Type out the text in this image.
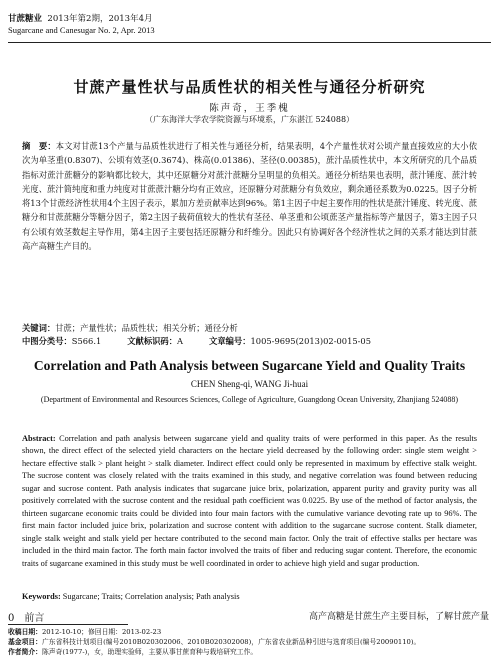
甘蔗糖业 2013年第2期，2013年4月
Sugarcane and Canesugar No. 2, Apr. 2013
甘蔗产量性状与品质性状的相关性与通径分析研究
陈声奇，王季槐
（广东海洋大学农学院资源与环境系，广东湛江 524088）
摘　要：本文对甘蔗13个产量与品质性状进行了相关性与通径分析，结果表明，4个产量性状对公顷产量直接效应的大小依次为单茎重(0.8307)、公顷有效茎(0.3674)、株高(0.01386)、茎径(0.00385)，蔗汁品质性状中，本文所研究的几个品质指标对蔗汁蔗糖分的影响都比较大，其中还原糖分对蔗汁蔗糖分呈明显的负相关。通径分析结果也表明，蔗汁锤度、蔗汁转光度、蔗汁简纯度和重力纯度对甘蔗蔗汁糖分均有正效应，还原糖分对蔗糖分有负效应，剩余通径系数为0.0225。因子分析将13个甘蔗经济性状用4个主因子表示，累加方差贡献率达到96%。第1主因子中起主要作用的性状是蔗汁锤度、转光度、蔗糖分和甘蔗蔗糖分等糖分因子，第2主因子载荷值较大的性状有茎径、单茎重和公顷蔗茎产量指标等产量因子，第3主因子只有公顷有效茎数起主导作用，第4主因子主要包括还原糖分和纤维分。因此只有协调好各个经济性状之间的关系才能达到甘蔗高产高糖生产目的。
关键词：甘蔗；产量性状；品质性状；相关分析；通径分析
中图分类号：S566.1	文献标识码：A	文章编号：1005-9695(2013)02-0015-05
Correlation and Path Analysis between Sugarcane Yield and Quality Traits
CHEN Sheng-qi, WANG Ji-huai
(Department of Environmental and Resources Sciences, College of Agriculture, Guangdong Ocean University, Zhanjiang 524088)
Abstract: Correlation and path analysis between sugarcane yield and quality traits of were performed in this paper. As the results shown, the direct effect of the selected yield characters on the hectare yield decreased by the following order: single stem weight > hectare effective stalk > plant height > stalk diameter. Indirect effect could only be represented in maximum by effective stalk weight. The sucrose content was closely related with the traits examined in this study, and negative correlation was found between reducing sugar and sucrose content. Path analysis indicates that sugarcane juice brix, polarization, apparent purity and gravity purity was all positively correlated with the sucrose content and the residual path coefficient was 0.0225. By use of the method of factor analysis, the thirteen sugarcane economic traits could be divided into four main factors with the cumulative variance devoting rate up to 96%. The first main factor included juice brix, polarization and sucrose content with addition to the sugarcane sucrose content. Stalk diameter, single stalk weight and stalk yield per hectare contributed to the second main factor. Only the trait of effective stalks per hectare was included in the third main factor. The forth main factor involved the traits of fiber and reducing sugar content. Therefore, the economic traits of sugarcane examined in this study must be well coordinated in order to achieve high yield and sugar production.
Keywords: Sugarcane; Traits; Correlation analysis; Path analysis
0　前言	高产高糖是甘蔗生产主要目标，了解甘蔗产量
收稿日期：2012-10-10；修回日期：2013-02-23
基金项目：广东省科技计划项目(编号2010B020302006、2010B020302008)，广东省农业新品种引进与选育项目(编号20090110)。
作者简介：陈声奇(1977-)，女，助理实验师，主要从事甘蔗育种与栽培研究工作。
